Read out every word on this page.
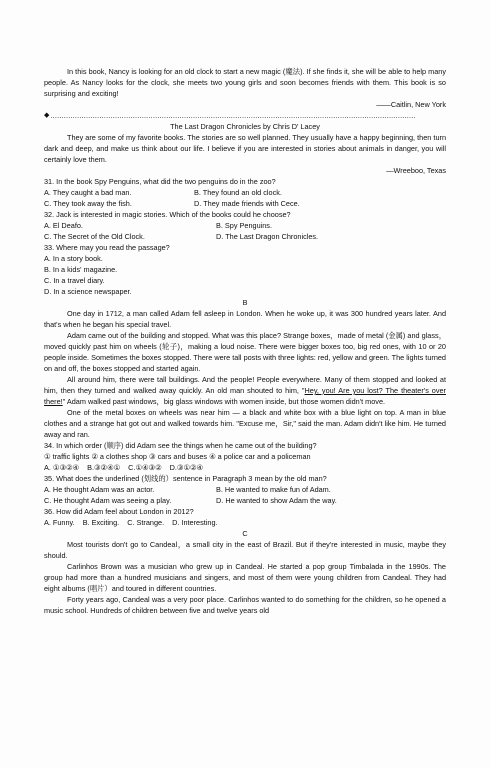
In this book, Nancy is looking for an old clock to start a new magic (魔法). If she finds it, she will be able to help many people. As Nancy looks for the clock, she meets two young girls and soon becomes friends with them. This book is so surprising and exciting!

——Caitlin, New York

◆ ....................................................................................................................................................................

The Last Dragon Chronicles by Chris D' Lacey

They are some of my favorite books. The stories are so well planned. They usually have a happy beginning, then turn dark and deep, and make us think about our life. I believe if you are interested in stories about animals in danger, you will certainly love them.

—Wreeboo, Texas

31. In the book Spy Penguins, what did the two penguins do in the zoo?

A. They caught a bad man.	B. They found an old clock.
C. They took away the fish.	D. They made friends with Cece.

32. Jack is interested in magic stories. Which of the books could he choose?

A. El Deafo.	B. Spy Penguins.
C. The Secret of the Old Clock.	D. The Last Dragon Chronicles.

33. Where may you read the passage?

A. In a story book.

B. In a kids' magazine.

C. In a travel diary.

D. In a science newspaper.

B

One day in 1712, a man called Adam fell asleep in London. When he woke up, it was 300 hundred years later. And that's when he began his special travel.

Adam came out of the building and stopped. What was this place? Strange boxes，made of metal (金属) and glass，moved quickly past him on wheels (轮子)，making a loud noise. There were bigger boxes too, big red ones, with 10 or 20 people inside. Sometimes the boxes stopped. There were tall posts with three lights: red, yellow and green. The lights turned on and off, the boxes stopped and started again.

All around him, there were tall buildings. And the people! People everywhere. Many of them stopped and looked at him, then they turned and walked away quickly. An old man shouted to him, "Hey, you! Are you lost? The theater's over there!" Adam walked past windows，big glass windows with women inside, but those women didn't move.

One of the metal boxes on wheels was near him — a black and white box with a blue light on top. A man in blue clothes and a strange hat got out and walked towards him. "Excuse me，Sir," said the man. Adam didn't like him. He turned away and ran.

34. In which order (顺序) did Adam see the things when he came out of the building?

① traffic lights ② a clothes shop ③ cars and buses ④ a police car and a policeman

A. ①③②④ B.③②④① C.①④③② D.③①②④

35. What does the underlined (划线的）sentence in Paragraph 3 mean by the old man?

A. He thought Adam was an actor.	B. He wanted to make fun of Adam.
C. He thought Adam was seeing a play.	D. He wanted to show Adam the way.

36. How did Adam feel about London in 2012?

A. Funny. B. Exciting. C. Strange. D. Interesting.

C

Most tourists don't go to Candeal，a small city in the east of Brazil. But if they're interested in music, maybe they should.

Carlinhos Brown was a musician who grew up in Candeal. He started a pop group Timbalada in the 1990s. The group had more than a hundred musicians and singers, and most of them were young children from Candeal. They had eight albums (唱片）and toured in different countries.

Forty years ago, Candeal was a very poor place. Carlinhos wanted to do something for the children, so he opened a music school. Hundreds of children between five and twelve years old
